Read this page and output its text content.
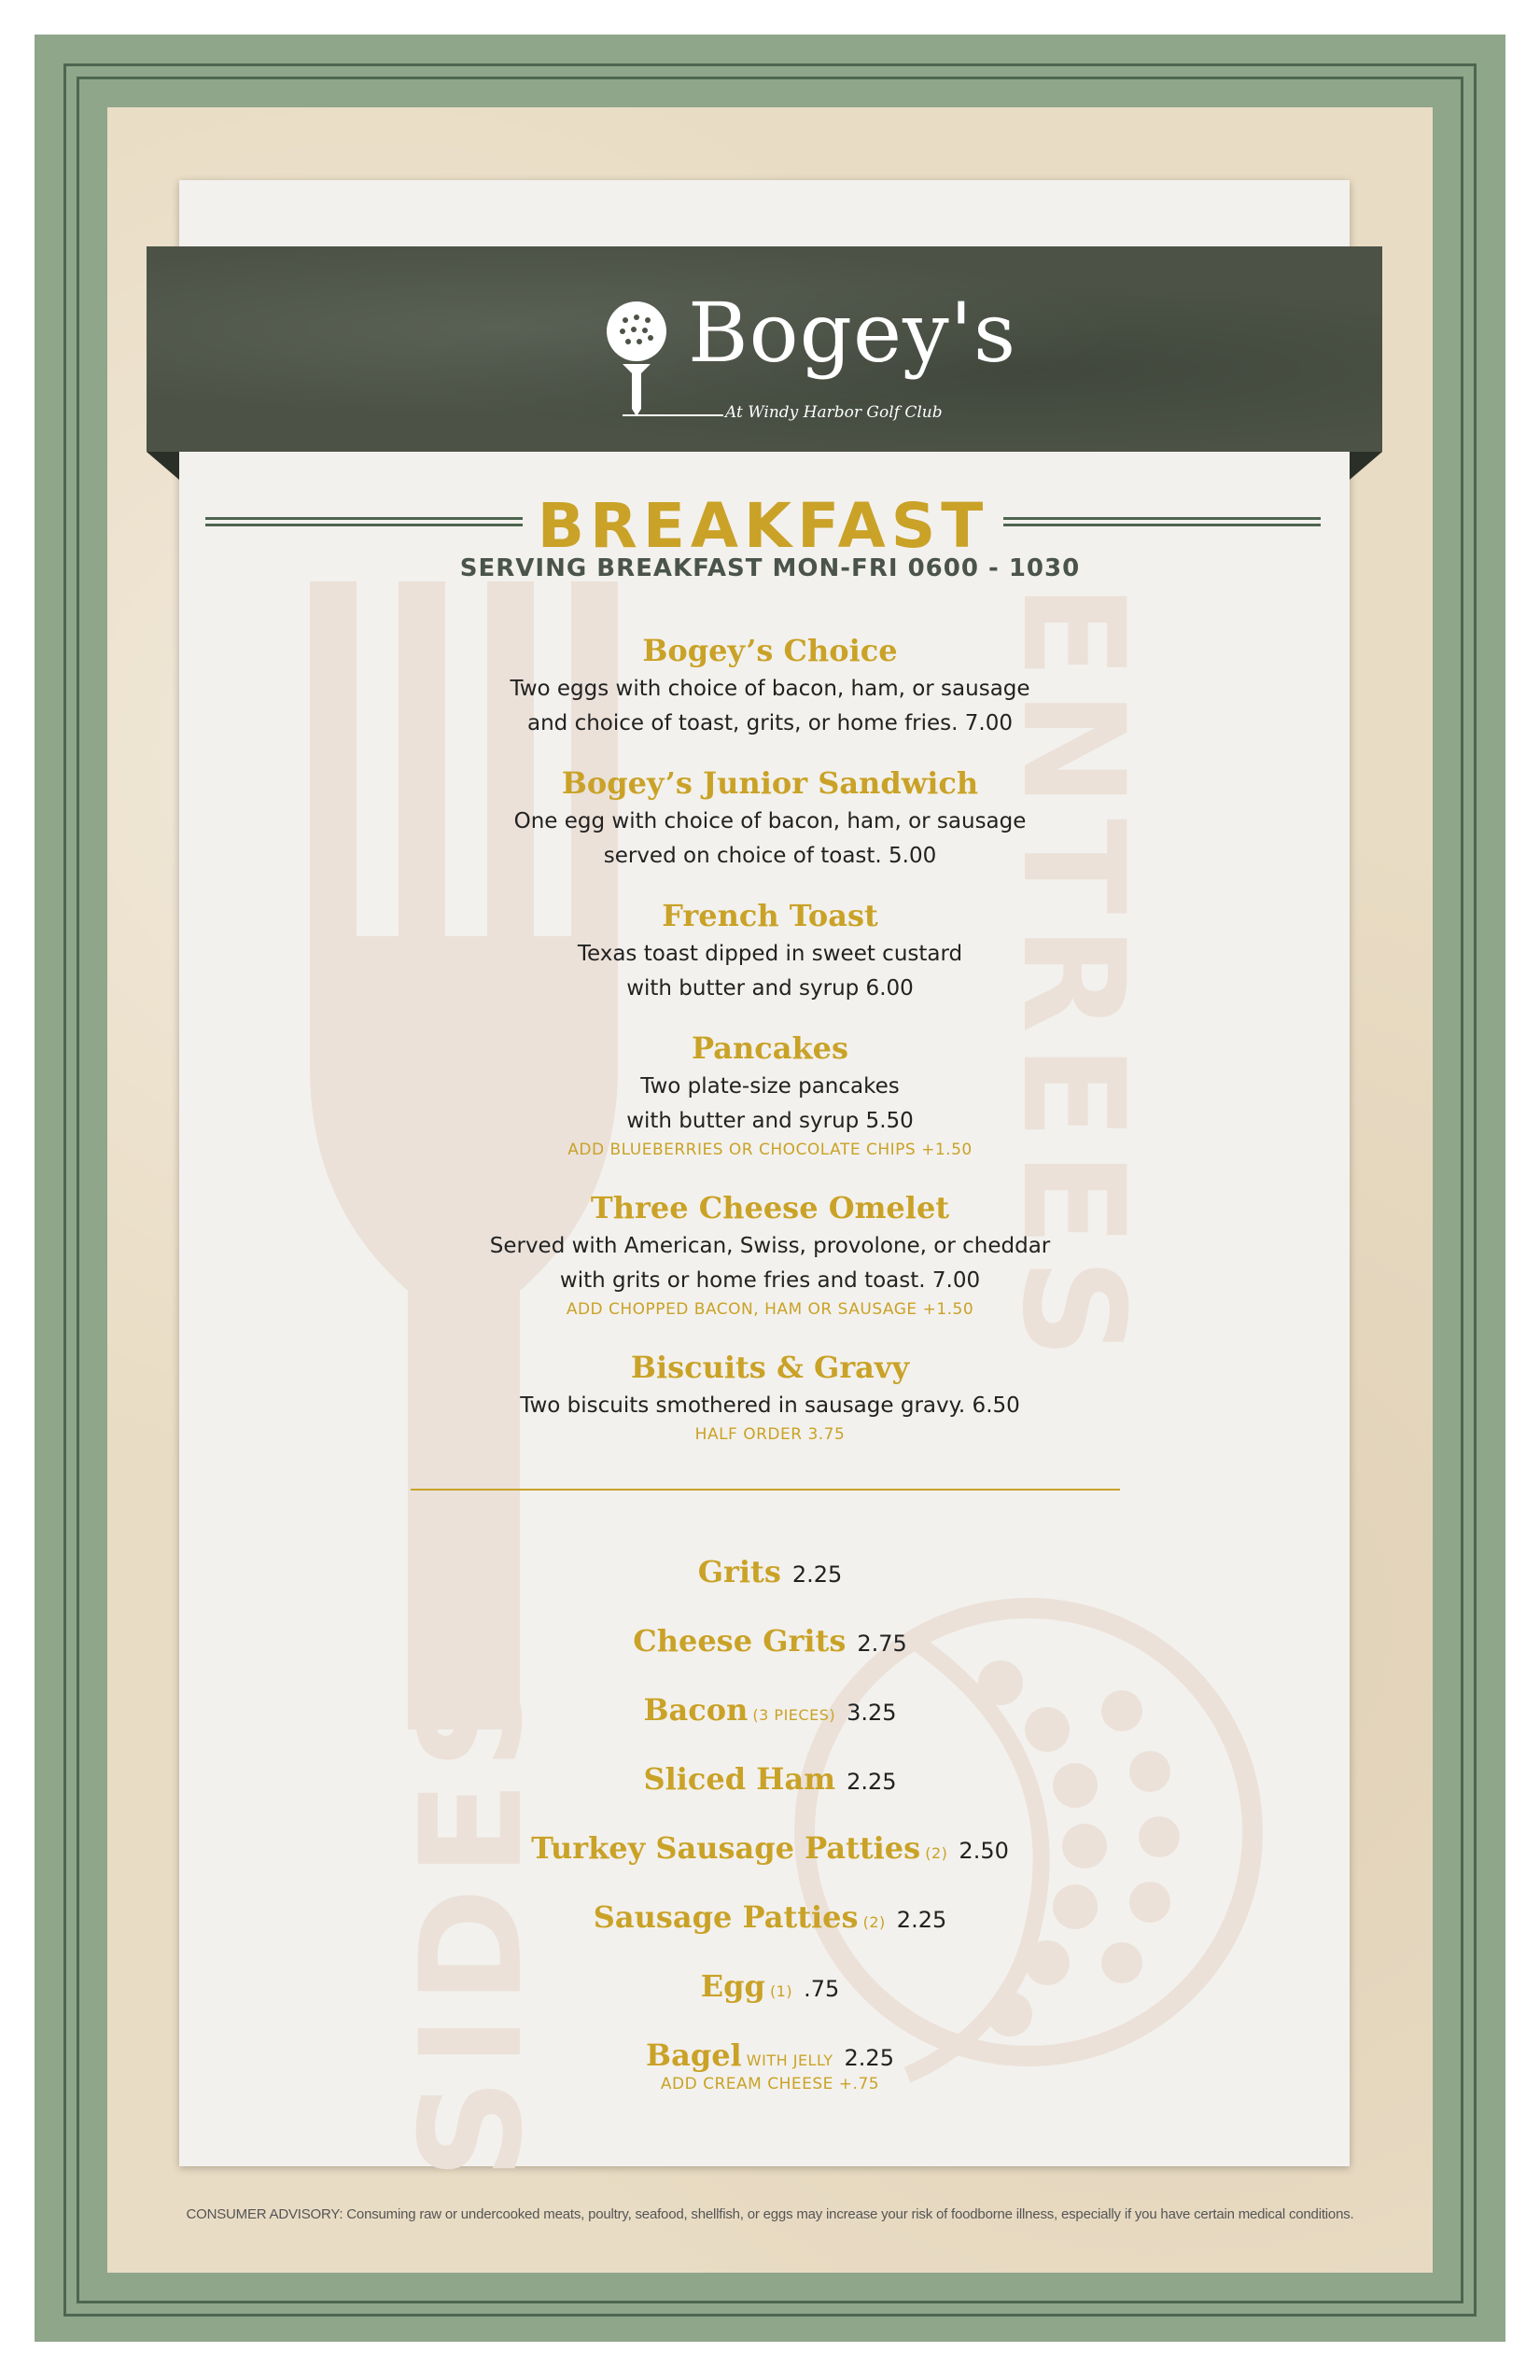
ENTREES
SIDES
Bogey's
At Windy Harbor Golf Club
BREAKFAST
SERVING BREAKFAST MON-FRI 0600 - 1030
Bogey’s Choice
Two eggs with choice of bacon, ham, or sausage
and choice of toast, grits, or home fries. 7.00
Bogey’s Junior Sandwich
One egg with choice of bacon, ham, or sausage
served on choice of toast. 5.00
French Toast
Texas toast dipped in sweet custard
with butter and syrup 6.00
Pancakes
Two plate-size pancakes
with butter and syrup 5.50
ADD BLUEBERRIES OR CHOCOLATE CHIPS +1.50
Three Cheese Omelet
Served with American, Swiss, provolone, or cheddar
with grits or home fries and toast. 7.00
ADD CHOPPED BACON, HAM OR SAUSAGE +1.50
Biscuits & Gravy
Two biscuits smothered in sausage gravy. 6.50
HALF ORDER 3.75
Grits 2.25
Cheese Grits 2.75
Bacon (3 PIECES) 3.25
Sliced Ham 2.25
Turkey Sausage Patties (2) 2.50
Sausage Patties (2) 2.25
Egg (1) .75
Bagel WITH JELLY 2.25
ADD CREAM CHEESE +.75
CONSUMER ADVISORY: Consuming raw or undercooked meats, poultry, seafood, shellfish, or eggs may increase your risk of foodborne illness, especially if you have certain medical conditions.
